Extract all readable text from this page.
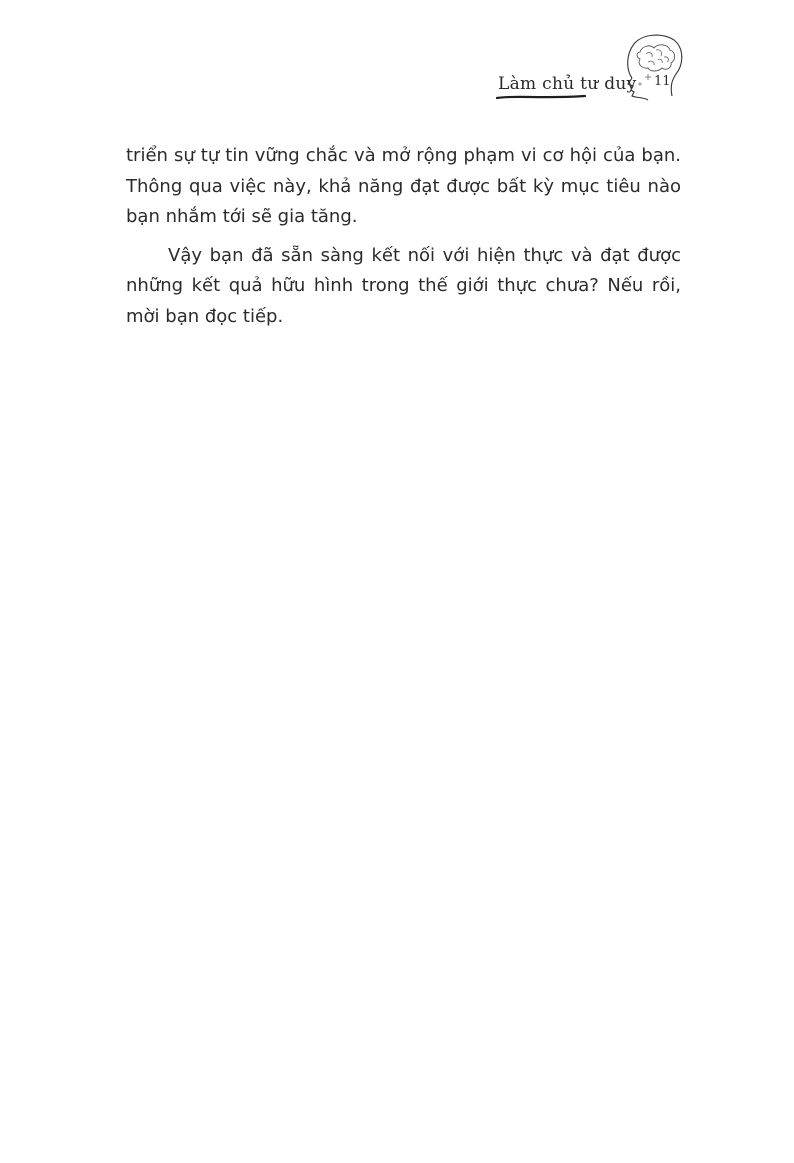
Làm chủ tư duy 11

triển sự tự tin vững chắc và mở rộng phạm vi cơ hội của bạn. Thông qua việc này, khả năng đạt được bất kỳ mục tiêu nào bạn nhắm tới sẽ gia tăng.

Vậy bạn đã sẵn sàng kết nối với hiện thực và đạt được những kết quả hữu hình trong thế giới thực chưa? Nếu rồi, mời bạn đọc tiếp.
